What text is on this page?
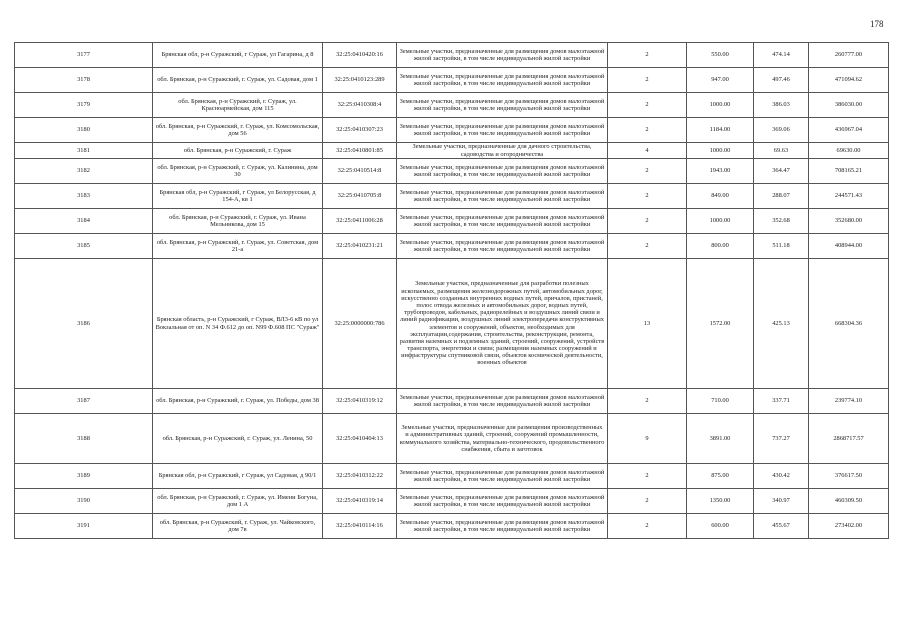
178
3177	Брянская обл, р-н Суражский, г Сураж, ул Гагарина, д 8	32:25:0410420:16	Земельные участки, предназначенные для размещения домов малоэтажной жилой застройки, в том числе индивидуальной жилой застройки	2	550.00	474.14	260777.00
3178	обл. Брянская, р-н Суражский, г. Сураж, ул. Садовая, дом 1	32:25:0410123:289	Земельные участки, предназначенные для размещения домов малоэтажной жилой застройки, в том числе индивидуальной жилой застройки	2	947.00	497.46	471094.62
3179	обл. Брянская, р-н Суражский, г. Сураж, ул. Красноармейская, дом 115	32:25:0410308:4	Земельные участки, предназначенные для размещения домов малоэтажной жилой застройки, в том числе индивидуальной жилой застройки	2	1000.00	386.03	386030.00
3180	обл. Брянская, р-н Суражский, г. Сураж, ул. Комсомольская, дом 56	32:25:0410307:23	Земельные участки, предназначенные для размещения домов малоэтажной жилой застройки, в том числе индивидуальной жилой застройки	2	1184.00	369.06	436967.04
3181	обл. Брянская, р-н Суражский, г. Сураж	32:25:0410801:85	Земельные участки, предназначенные для дачного строительства, садоводства и огородничества	4	1000.00	69.63	69630.00
3182	обл. Брянская, р-н Суражский, г. Сураж, ул. Калинина, дом 30	32:25:0410514:8	Земельные участки, предназначенные для размещения домов малоэтажной жилой застройки, в том числе индивидуальной жилой застройки	2	1943.00	364.47	708165.21
3183	Брянская обл, р-н Суражский, г Сураж, ул Белорусская, д 154-А, кв 1	32:25:0410705:8	Земельные участки, предназначенные для размещения домов малоэтажной жилой застройки, в том числе индивидуальной жилой застройки	2	849.00	288.07	244571.43
3184	обл. Брянская, р-н Суражский, г. Сураж, ул. Ивана Мельникова, дом 15	32:25:0411006:28	Земельные участки, предназначенные для размещения домов малоэтажной жилой застройки, в том числе индивидуальной жилой застройки	2	1000.00	352.68	352680.00
3185	обл. Брянская, р-н Суражский, г. Сураж, ул. Советская, дом 21-а	32:25:0410231:21	Земельные участки, предназначенные для размещения домов малоэтажной жилой застройки, в том числе индивидуальной жилой застройки	2	800.00	511.18	408944.00
3186	Брянская область, р-н Суражский, г Сураж, ВЛ3-6 кВ по ул Вокзальная от оп. N 34 Ф.612 до оп. N99 Ф.608 ПС "Сураж"	32:25:0000000:786	Земельные участки, предназначенные для разработки полезных ископаемых, размещения железнодорожных путей, автомобильных дорог, искусственно созданных внутренних водных путей, причалов, пристаней, полос отвода железных и автомобильных дорог, водных путей, трубопроводов, кабельных, радиорелейных и воздушных линий связи и линий радиофикации, воздушных линий электропередачи конструктивных элементов и сооружений, объектов, необходимых для эксплуатации,содержания, строительства, реконструкции, ремонта, развития наземных и подземных зданий, строений, сооружений, устройств транспорта, энергетики и связи; размещения наземных сооружений и инфраструктуры спутниковой связи, объектов космической деятельности, военных объектов	13	1572.00	425.13	668304.36
3187	обл. Брянская, р-н Суражский, г. Сураж, ул. Победы, дом 38	32:25:0410319:12	Земельные участки, предназначенные для размещения домов малоэтажной жилой застройки, в том числе индивидуальной жилой застройки	2	710.00	337.71	239774.10
3188	обл. Брянская, р-н Суражский, г. Сураж, ул. Ленина, 50	32:25:0410404:13	Земельные участки, предназначенные для размещения производственных и административных зданий, строений, сооружений промышленности, коммунального хозяйства, материально-технического, продовольственного снабжения, сбыта и заготовок	9	3891.00	737.27	2868717.57
3189	Брянская обл, р-н Суражский, г Сураж, ул Садовая, д 90/1	32:25:0410312:22	Земельные участки, предназначенные для размещения домов малоэтажной жилой застройки, в том числе индивидуальной жилой застройки	2	875.00	430.42	376617.50
3190	обл. Брянская, р-н Суражский, г. Сураж, ул. Имени Богуна, дом 1 А	32:25:0410319:14	Земельные участки, предназначенные для размещения домов малоэтажной жилой застройки, в том числе индивидуальной жилой застройки	2	1350.00	340.97	460309.50
3191	обл. Брянская, р-н Суражский, г. Сураж, ул. Чайковского, дом 7в	32:25:0410114:16	Земельные участки, предназначенные для размещения домов малоэтажной жилой застройки, в том числе индивидуальной жилой застройки	2	600.00	455.67	273402.00
